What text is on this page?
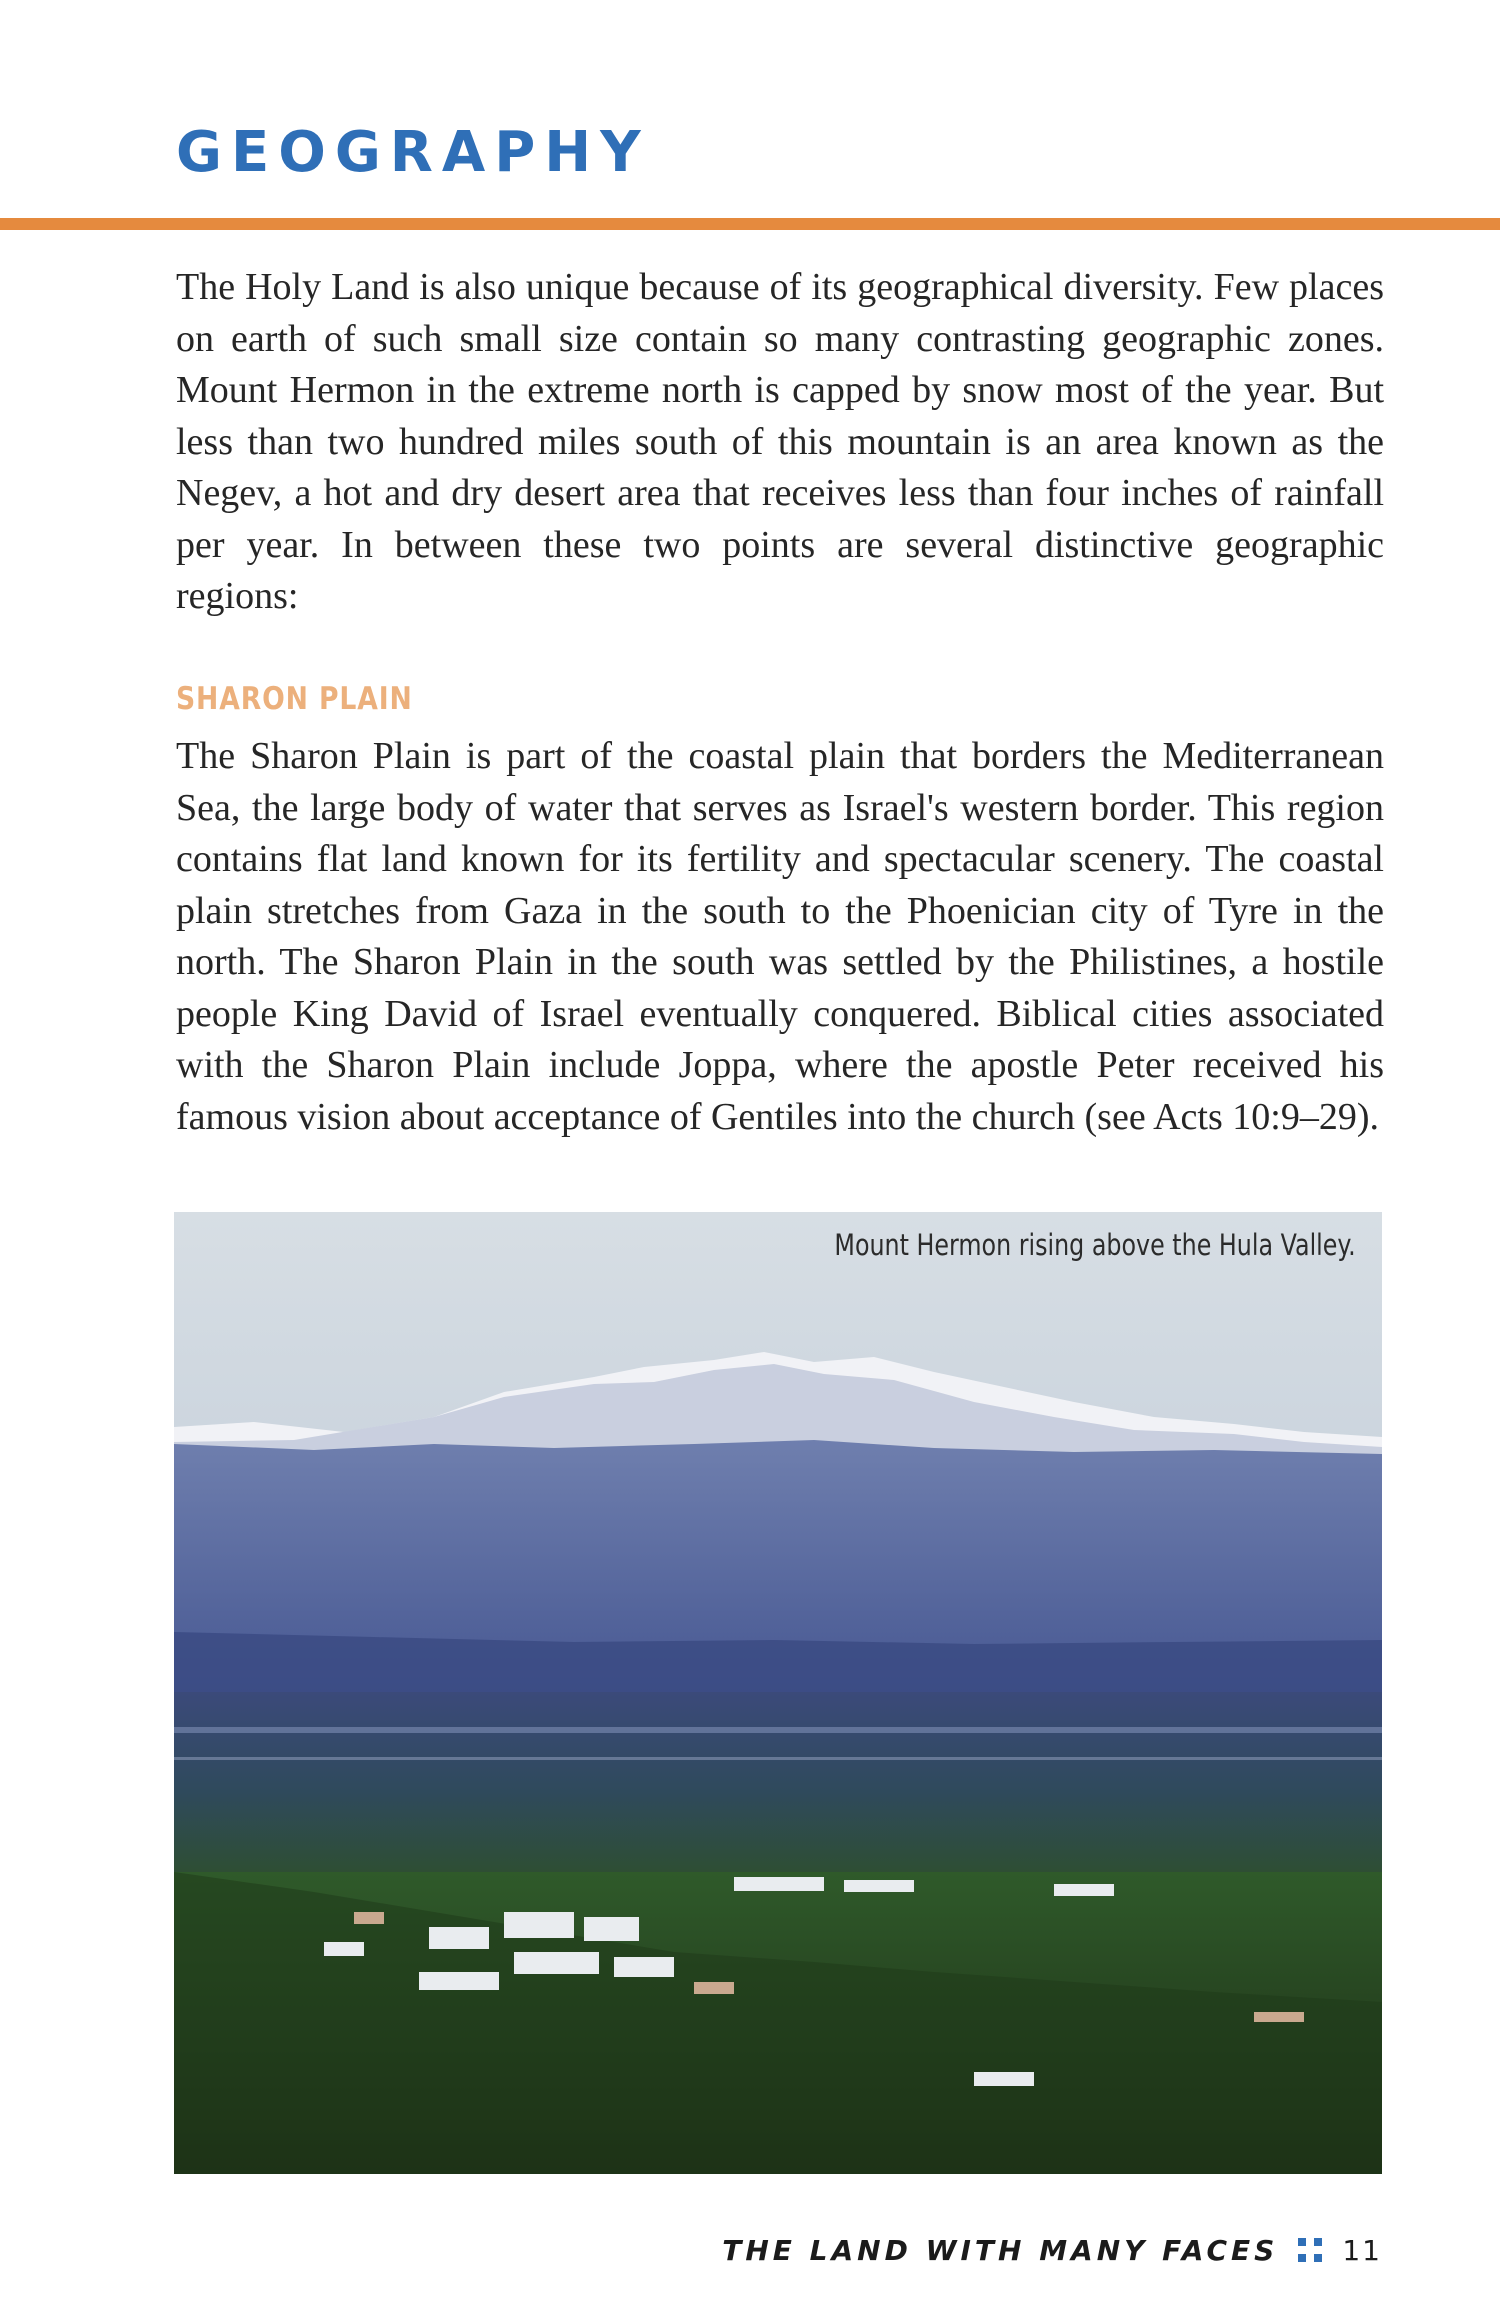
GEOGRAPHY

The Holy Land is also unique because of its geographical diversity. Few places on earth of such small size contain so many contrasting geographic zones. Mount Hermon in the extreme north is capped by snow most of the year. But less than two hundred miles south of this mountain is an area known as the Negev, a hot and dry desert area that receives less than four inches of rainfall per year. In between these two points are several distinctive geographic regions:

SHARON PLAIN

The Sharon Plain is part of the coastal plain that borders the Mediterranean Sea, the large body of water that serves as Israel's western border. This region contains flat land known for its fertility and spectacular scenery. The coastal plain stretches from Gaza in the south to the Phoenician city of Tyre in the north. The Sharon Plain in the south was settled by the Philistines, a hostile people King David of Israel eventually conquered. Biblical cities associated with the Sharon Plain include Joppa, where the apostle Peter received his famous vision about acceptance of Gentiles into the church (see Acts 10:9–29).

Mount Hermon rising above the Hula Valley.
THE LAND WITH MANY FACES 11
